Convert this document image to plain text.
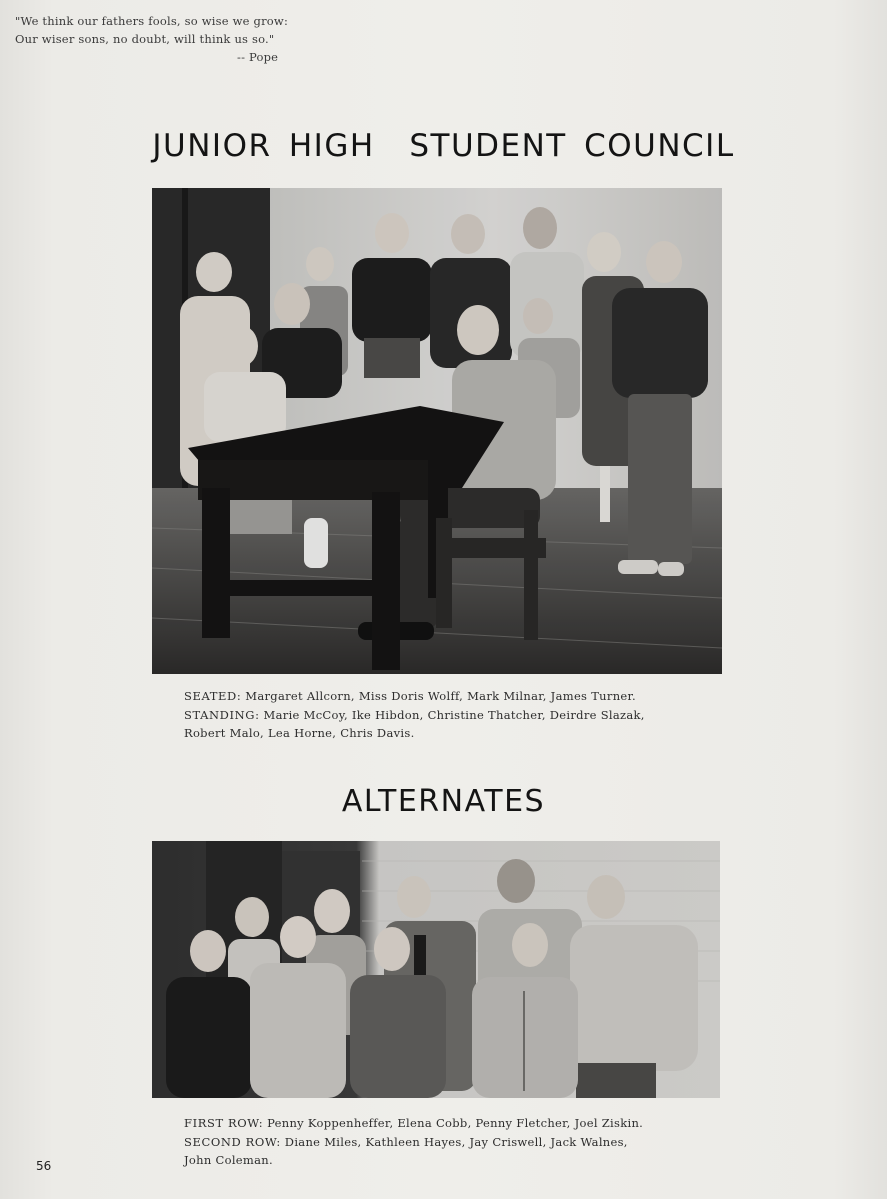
"We think our fathers fools, so wise we grow:
Our wiser sons, no doubt, will think us so."
-- Pope
JUNIOR HIGH  STUDENT COUNCIL
SEATED: Margaret Allcorn, Miss Doris Wolff, Mark Milnar, James Turner.
STANDING: Marie McCoy, Ike Hibdon, Christine Thatcher, Deirdre Slazak,
Robert Malo, Lea Horne, Chris Davis.
ALTERNATES
FIRST ROW: Penny Koppenheffer, Elena Cobb, Penny Fletcher, Joel Ziskin.
SECOND ROW: Diane Miles, Kathleen Hayes, Jay Criswell, Jack Walnes,
John Coleman.
56
